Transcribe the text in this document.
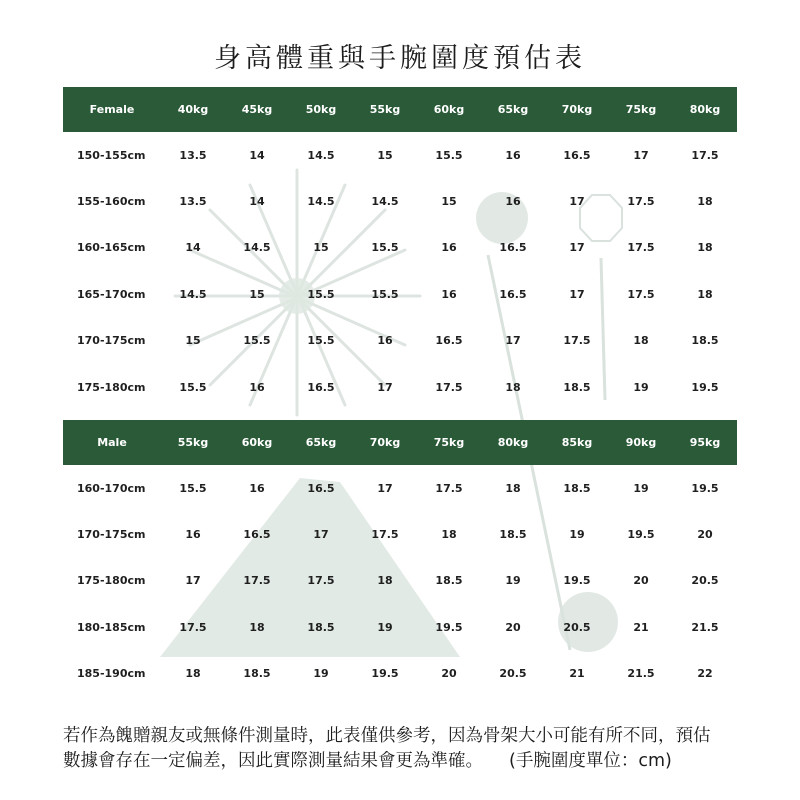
身高體重與手腕圍度預估表
Female	40kg	45kg	50kg	55kg	60kg	65kg	70kg	75kg	80kg
150-155cm	13.5	14	14.5	15	15.5	16	16.5	17	17.5
155-160cm	13.5	14	14.5	14.5	15	16	17	17.5	18
160-165cm	14	14.5	15	15.5	16	16.5	17	17.5	18
165-170cm	14.5	15	15.5	15.5	16	16.5	17	17.5	18
170-175cm	15	15.5	15.5	16	16.5	17	17.5	18	18.5
175-180cm	15.5	16	16.5	17	17.5	18	18.5	19	19.5
Male	55kg	60kg	65kg	70kg	75kg	80kg	85kg	90kg	95kg
160-170cm	15.5	16	16.5	17	17.5	18	18.5	19	19.5
170-175cm	16	16.5	17	17.5	18	18.5	19	19.5	20
175-180cm	17	17.5	17.5	18	18.5	19	19.5	20	20.5
180-185cm	17.5	18	18.5	19	19.5	20	20.5	21	21.5
185-190cm	18	18.5	19	19.5	20	20.5	21	21.5	22
若作為餽贈親友或無條件測量時，此表僅供參考，因為骨架大小可能有所不同，預估
數據會存在一定偏差，因此實際測量結果會更為準確。 (手腕圍度單位：cm)
